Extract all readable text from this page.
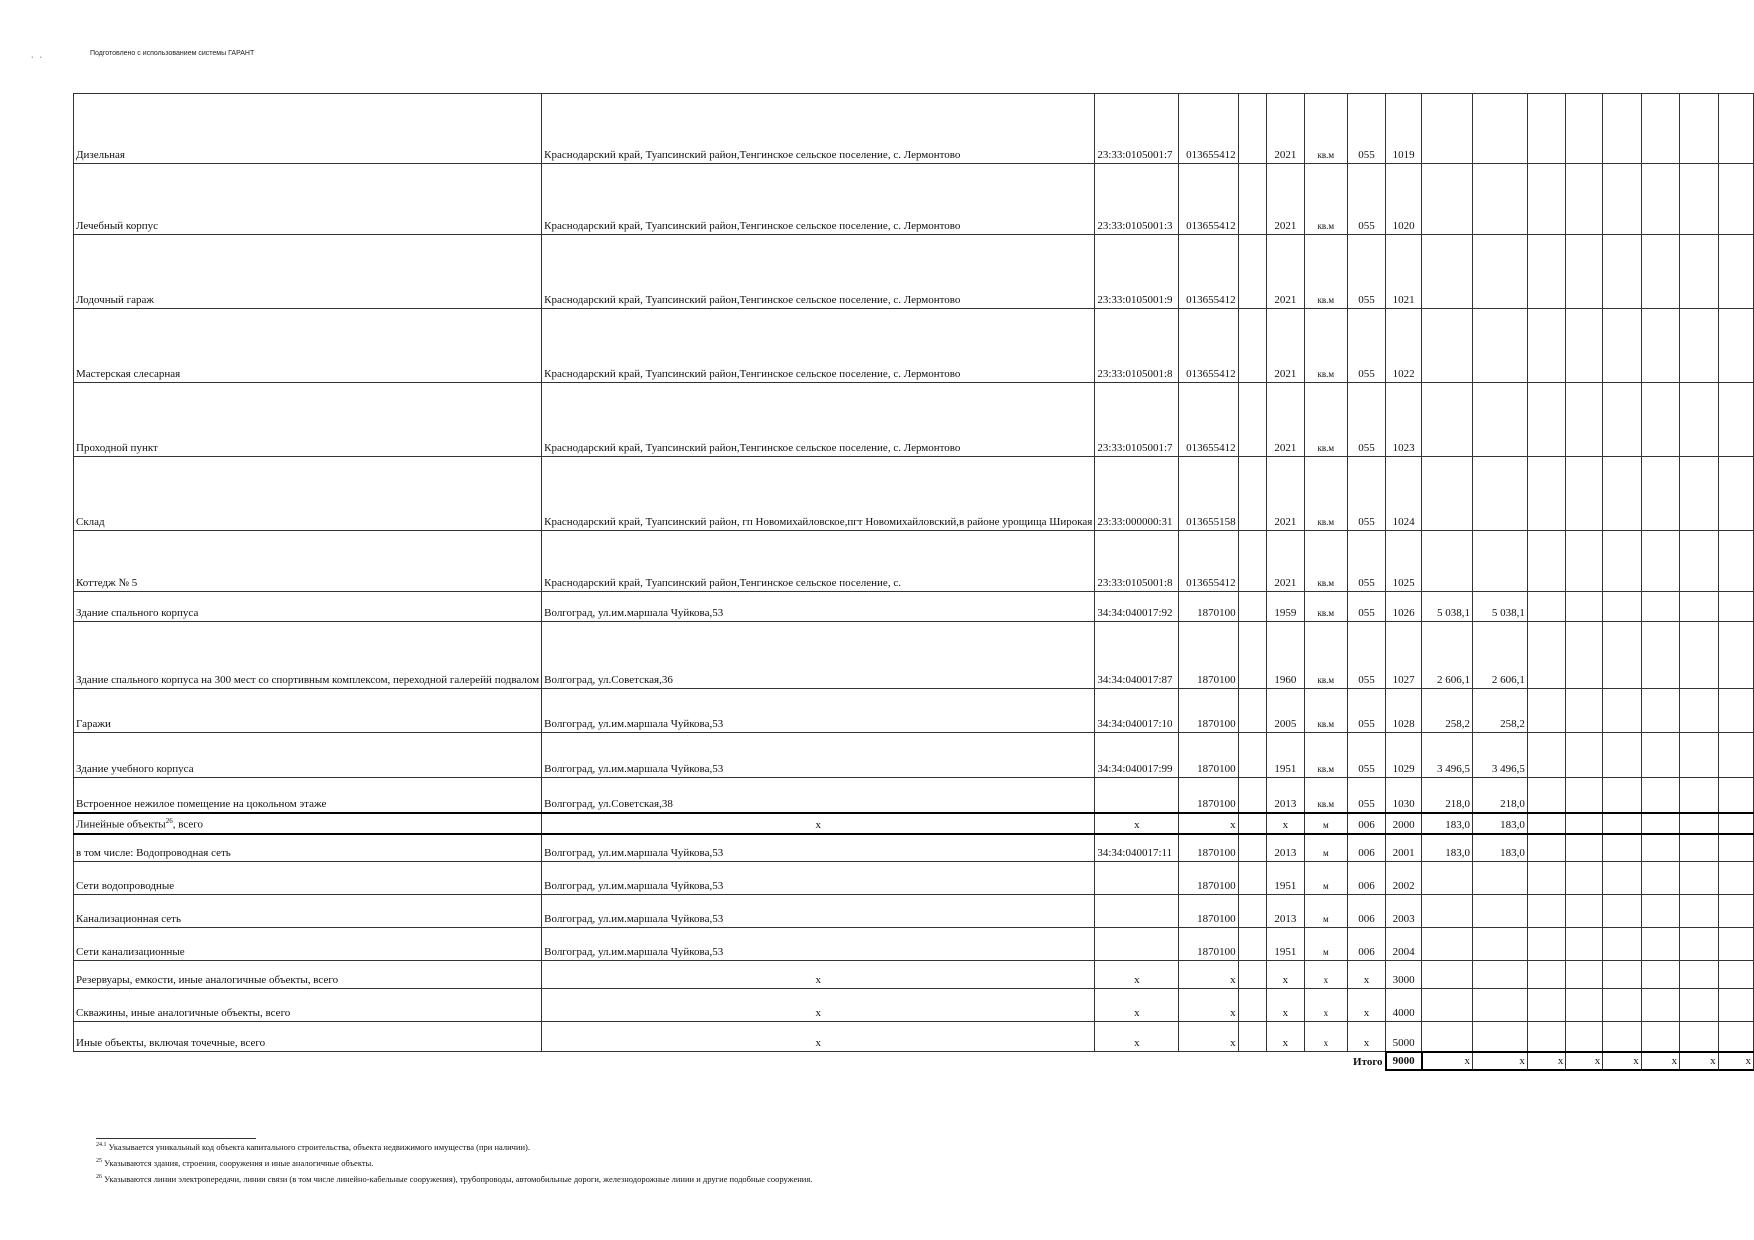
Подготовлено с использованием системы ГАРАНТ
· ·
Дизельная	Краснодарский край, Туапсинский район,Тенгинское сельское поселение, с. Лермонтово	23:33:0105001:7	013655412		2021	кв.м	055	1019								
Лечебный корпус	Краснодарский край, Туапсинский район,Тенгинское сельское поселение, с. Лермонтово	23:33:0105001:3	013655412		2021	кв.м	055	1020								
Лодочный гараж	Краснодарский край, Туапсинский район,Тенгинское сельское поселение, с. Лермонтово	23:33:0105001:9	013655412		2021	кв.м	055	1021								
Мастерская слесарная	Краснодарский край, Туапсинский район,Тенгинское сельское поселение, с. Лермонтово	23:33:0105001:8	013655412		2021	кв.м	055	1022								
Проходной пункт	Краснодарский край, Туапсинский район,Тенгинское сельское поселение, с. Лермонтово	23:33:0105001:7	013655412		2021	кв.м	055	1023								
Склад	Краснодарский край, Туапсинский район, гп Новомихайловское,пгт Новомихайловский,в районе урощища Широкая	23:33:000000:31	013655158		2021	кв.м	055	1024								
Коттедж № 5	Краснодарский край, Туапсинский район,Тенгинское сельское поселение, с.	23:33:0105001:8	013655412		2021	кв.м	055	1025								
Здание спального корпуса	Волгоград, ул.им.маршала Чуйкова,53	34:34:040017:92	1870100		1959	кв.м	055	1026	5 038,1	5 038,1						
Здание спального корпуса на 300 мест со спортивным комплексом, переходной галерейй подвалом	Волгоград, ул.Советская,36	34:34:040017:87	1870100		1960	кв.м	055	1027	2 606,1	2 606,1						
Гаражи	Волгоград, ул.им.маршала Чуйкова,53	34:34:040017:10	1870100		2005	кв.м	055	1028	258,2	258,2						
Здание учебного корпуса	Волгоград, ул.им.маршала Чуйкова,53	34:34:040017:99	1870100		1951	кв.м	055	1029	3 496,5	3 496,5						
Встроенное нежилое помещение на цокольном этаже	Волгоград, ул.Советская,38		1870100		2013	кв.м	055	1030	218,0	218,0						
Линейные объекты$^{26}$, всего	х	х	х		х	м	006	2000	183,0	183,0						
в том числе: Водопроводная сеть	Волгоград, ул.им.маршала Чуйкова,53	34:34:040017:11	1870100		2013	м	006	2001	183,0	183,0						
Сети водопроводные	Волгоград, ул.им.маршала Чуйкова,53		1870100		1951	м	006	2002								
Канализационная сеть	Волгоград, ул.им.маршала Чуйкова,53		1870100		2013	м	006	2003								
Сети канализационные	Волгоград, ул.им.маршала Чуйкова,53		1870100		1951	м	006	2004								
Резервуары, емкости, иные аналогичные объекты, всего	х	х	х		х	х	х	3000								
Скважины, иные аналогичные объекты, всего	х	х	х		х	х	х	4000								
Иные объекты, включая точечные, всего	х	х	х		х	х	х	5000								
Итого								9000	х	х	х	х	х	х	х	х
$^{24.1}$ Указывается уникальный код объекта капитального строительства, объекта недвижимого имущества (при наличии).
$^{25}$ Указываются здания, строения, сооружения и иные аналогичные объекты.
$^{26}$ Указываются линии электропередачи, линии связи (в том числе линейно-кабельные сооружения), трубопроводы, автомобильные дороги, железнодорожные линии и другие подобные сооружения.
